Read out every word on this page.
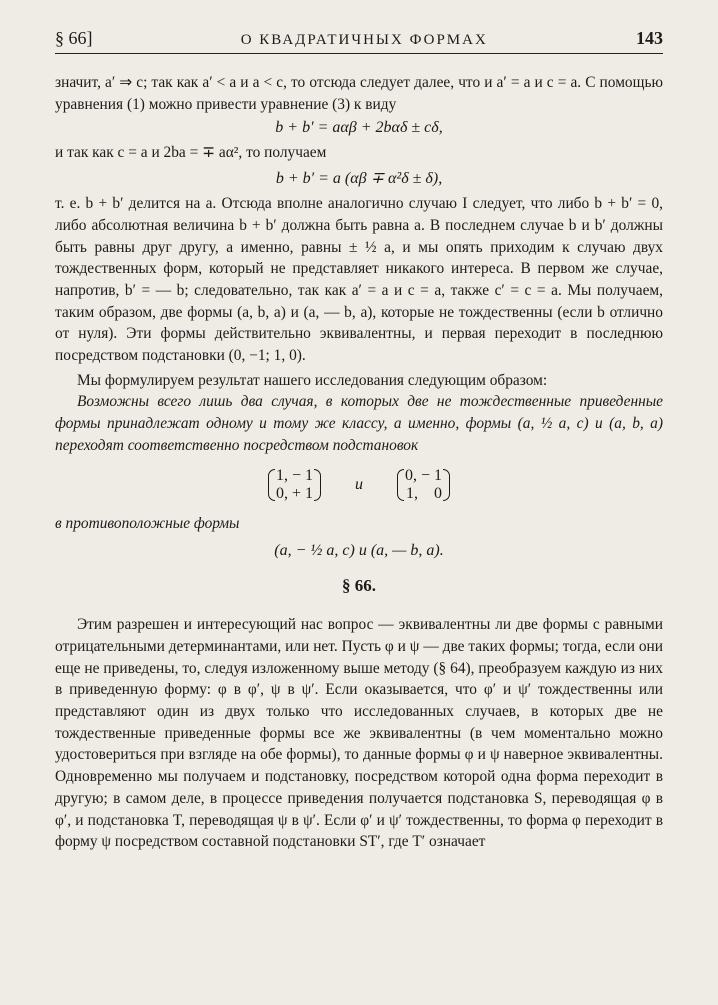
§ 66]	О КВАДРАТИЧНЫХ ФОРМАХ	143

значит, a′ ⇒ c; так как a′ < a и a < c, то отсюда следует далее, что и a′ = a и c = a. С помощью уравнения (1) можно привести уравнение (3) к виду

b + b′ = aαβ + 2bαδ ± cδ,

и так как c = a и 2ba = ∓ aα², то получаем

b + b′ = a (αβ ∓ α²δ ± δ),

т. е. b + b′ делится на a. Отсюда вполне аналогично случаю I следует, что либо b + b′ = 0, либо абсолютная величина b + b′ должна быть равна a. В последнем случае b и b′ должны быть равны друг другу, а именно, равны ± ½ a, и мы опять приходим к случаю двух тождественных форм, который не представляет никакого интереса. В первом же случае, напротив, b′ = — b; следовательно, так как a′ = a и c = a, также c′ = c = a. Мы получаем, таким образом, две формы (a, b, a) и (a, — b, a), которые не тождественны (если b отлично от нуля). Эти формы действительно эквивалентны, и первая переходит в последнюю посредством подстановки (0, −1; 1, 0).

Мы формулируем результат нашего исследования следующим образом:

Возможны всего лишь два случая, в которых две не тождественные приведенные формы принадлежат одному и тому же классу, а именно, формы (a, ½ a, c) и (a, b, a) переходят соответственно посредством подстановок

1, − 1
0, + 1
и
0, − 1
1,    0

в противоположные формы

(a, − ½ a, c) и (a, — b, a).
§ 66.

Этим разрешен и интересующий нас вопрос — эквивалентны ли две формы с равными отрицательными детерминантами, или нет. Пусть φ и ψ — две таких формы; тогда, если они еще не приведены, то, следуя изложенному выше методу (§ 64), преобразуем каждую из них в приведенную форму: φ в φ′, ψ в ψ′. Если оказывается, что φ′ и ψ′ тождественны или представляют один из двух только что исследованных случаев, в которых две не тождественные приведенные формы все же эквивалентны (в чем моментально можно удостовериться при взгляде на обе формы), то данные формы φ и ψ наверное эквивалентны. Одновременно мы получаем и подстановку, посредством которой одна форма переходит в другую; в самом деле, в процессе приведения получается подстановка S, переводящая φ в φ′, и подстановка T, переводящая ψ в ψ′. Если φ′ и ψ′ тождественны, то форма φ переходит в форму ψ посредством составной подстановки ST′, где T′ означает
